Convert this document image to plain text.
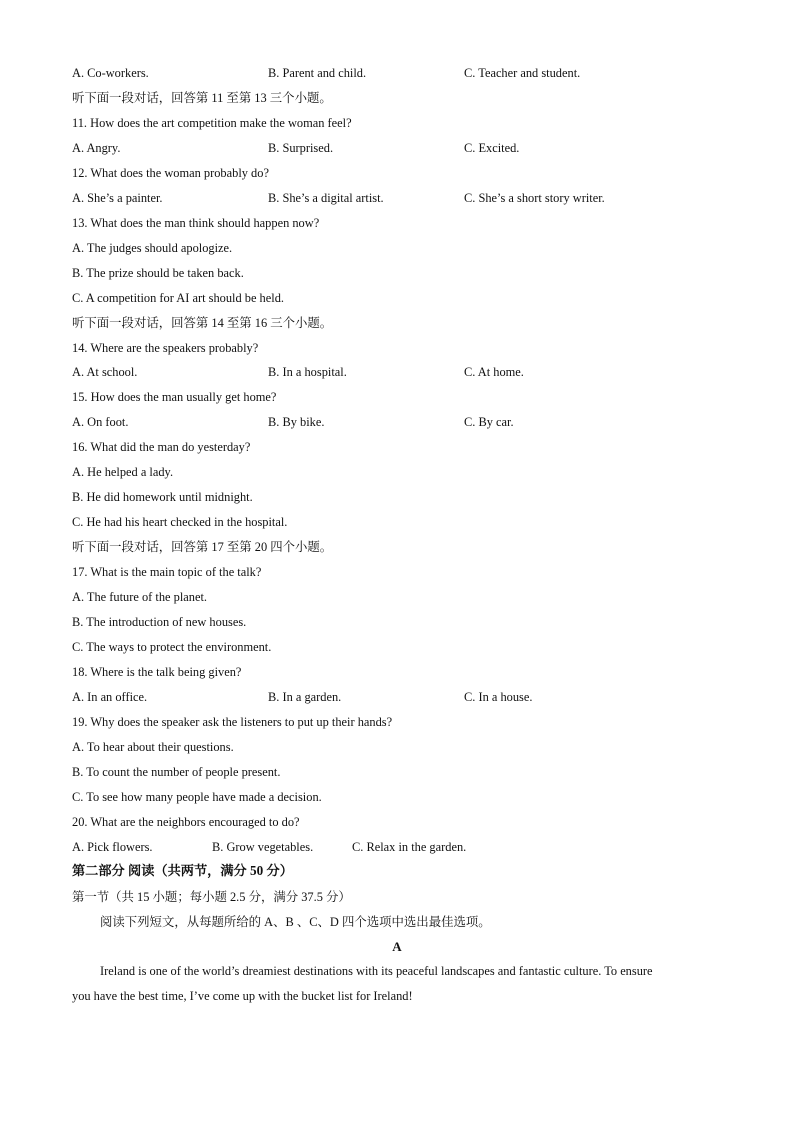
A. Co-workers.	B. Parent and child.	C. Teacher and student.
听下面一段对话，回答第 11 至第 13 三个小题。
11. How does the art competition make the woman feel?
A. Angry.	B. Surprised.	C. Excited.
12. What does the woman probably do?
A. She’s a painter.	B. She’s a digital artist.	C. She’s a short story writer.
13. What does the man think should happen now?
A. The judges should apologize.
B. The prize should be taken back.
C. A competition for AI art should be held.
听下面一段对话，回答第 14 至第 16 三个小题。
14. Where are the speakers probably?
A. At school.	B. In a hospital.	C. At home.
15. How does the man usually get home?
A. On foot.	B. By bike.	C. By car.
16. What did the man do yesterday?
A. He helped a lady.
B. He did homework until midnight.
C. He had his heart checked in the hospital.
听下面一段对话，回答第 17 至第 20 四个小题。
17. What is the main topic of the talk?
A. The future of the planet.
B. The introduction of new houses.
C. The ways to protect the environment.
18. Where is the talk being given?
A. In an office.	B. In a garden.	C. In a house.
19. Why does the speaker ask the listeners to put up their hands?
A. To hear about their questions.
B. To count the number of people present.
C. To see how many people have made a decision.
20. What are the neighbors encouraged to do?
A. Pick flowers.	B. Grow vegetables.	C. Relax in the garden.
第二部分 阅读（共两节，满分 50 分）
第一节（共 15 小题；每小题 2.5 分，满分 37.5 分）
阅读下列短文，从每题所给的 A、B 、C、D 四个选项中选出最佳选项。
A
Ireland is one of the world’s dreamiest destinations with its peaceful landscapes and fantastic culture. To ensure
you have the best time, I’ve come up with the bucket list for Ireland!
